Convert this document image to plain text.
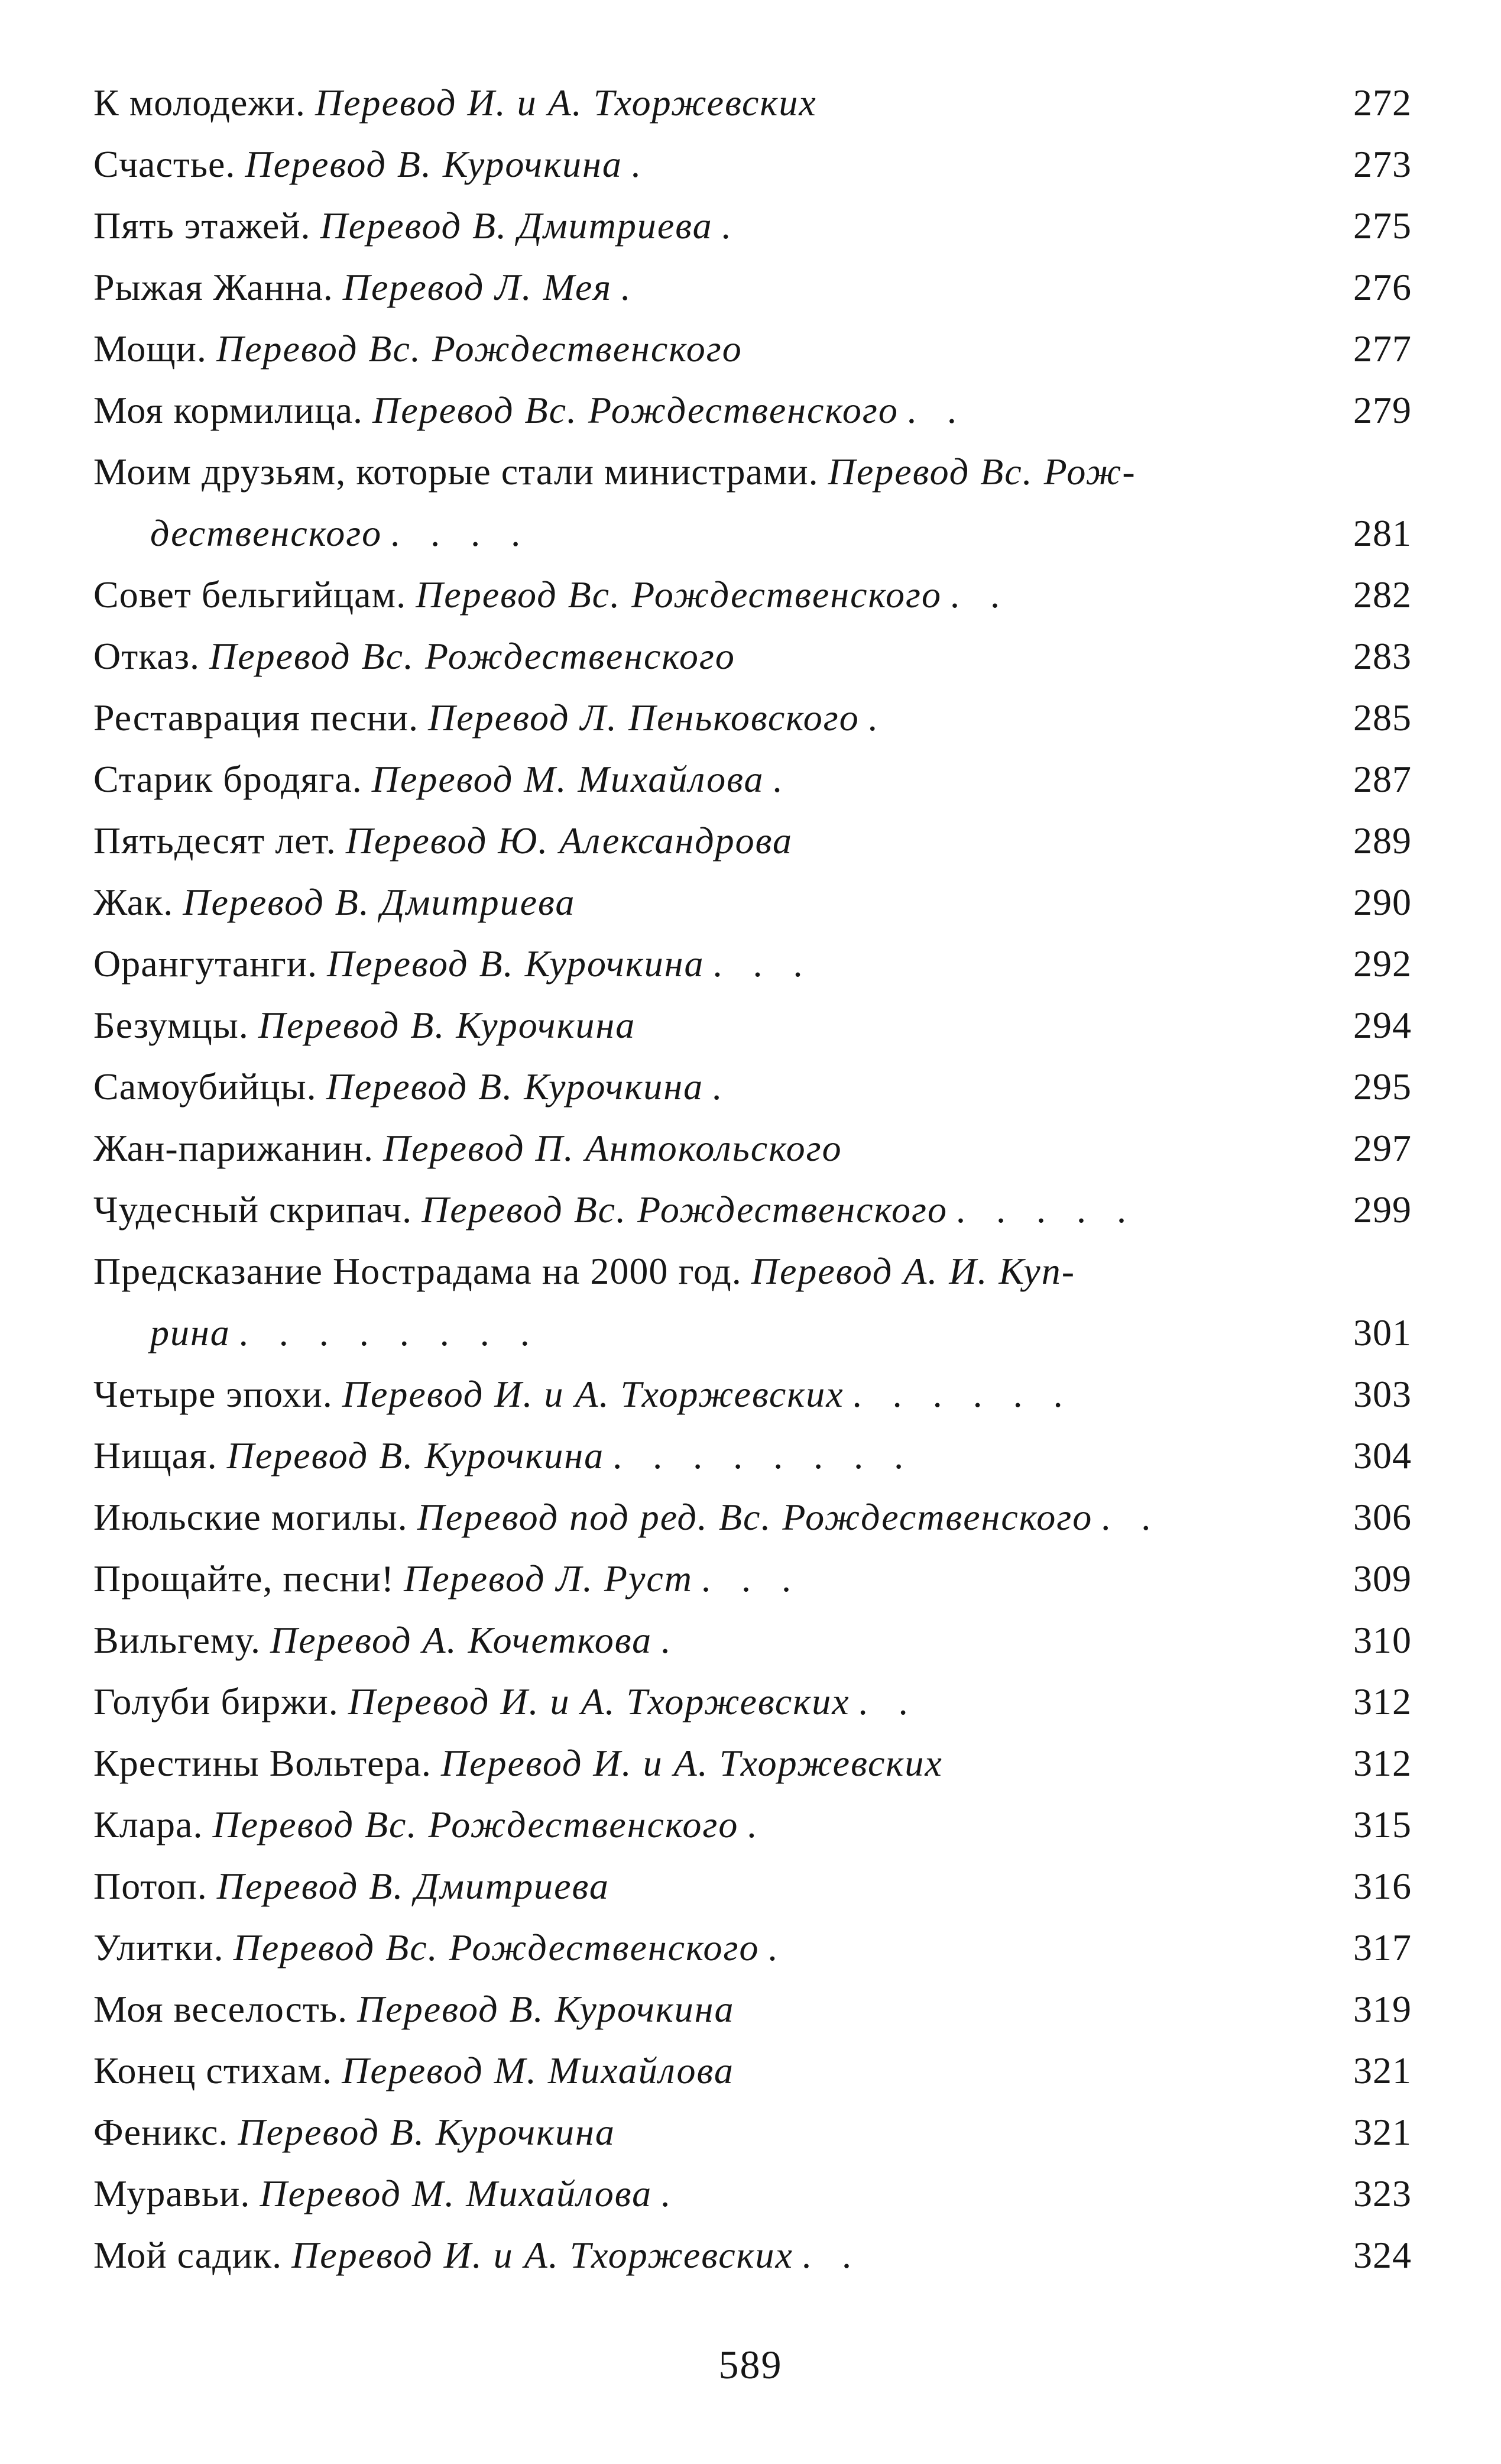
К молодежи. Перевод И. и А. Тхоржевских	272
Счастье. Перевод В. Курочкина .	273
Пять этажей. Перевод В. Дмитриева .	275
Рыжая Жанна. Перевод Л. Мея .	276
Мощи. Перевод Вс. Рождественского	277
Моя кормилица. Перевод Вс. Рождественского . .	279
Моим друзьям, которые стали министрами. Перевод Вс. Рож-
дественского . . . .	281
Совет бельгийцам. Перевод Вс. Рождественского . .	282
Отказ. Перевод Вс. Рождественского	283
Реставрация песни. Перевод Л. Пеньковского .	285
Старик бродяга. Перевод М. Михайлова .	287
Пятьдесят лет. Перевод Ю. Александрова	289
Жак. Перевод В. Дмитриева	290
Орангутанги. Перевод В. Курочкина . . .	292
Безумцы. Перевод В. Курочкина	294
Самоубийцы. Перевод В. Курочкина .	295
Жан-парижанин. Перевод П. Антокольского	297
Чудесный скрипач. Перевод Вс. Рождественского . . . . .	299
Предсказание Нострадама на 2000 год. Перевод А. И. Куп-
рина . . . . . . . .	301
Четыре эпохи. Перевод И. и А. Тхоржевских . . . . . .	303
Нищая. Перевод В. Курочкина . . . . . . . .	304
Июльские могилы. Перевод под ред. Вс. Рождественского . .	306
Прощайте, песни! Перевод Л. Руст . . .	309
Вильгему. Перевод А. Кочеткова .	310
Голуби биржи. Перевод И. и А. Тхоржевских . .	312
Крестины Вольтера. Перевод И. и А. Тхоржевских	312
Клара. Перевод Вс. Рождественского .	315
Потоп. Перевод В. Дмитриева	316
Улитки. Перевод Вс. Рождественского .	317
Моя веселость. Перевод В. Курочкина	319
Конец стихам. Перевод М. Михайлова	321
Феникс. Перевод В. Курочкина	321
Муравьи. Перевод М. Михайлова .	323
Мой садик. Перевод И. и А. Тхоржевских . .	324
589
